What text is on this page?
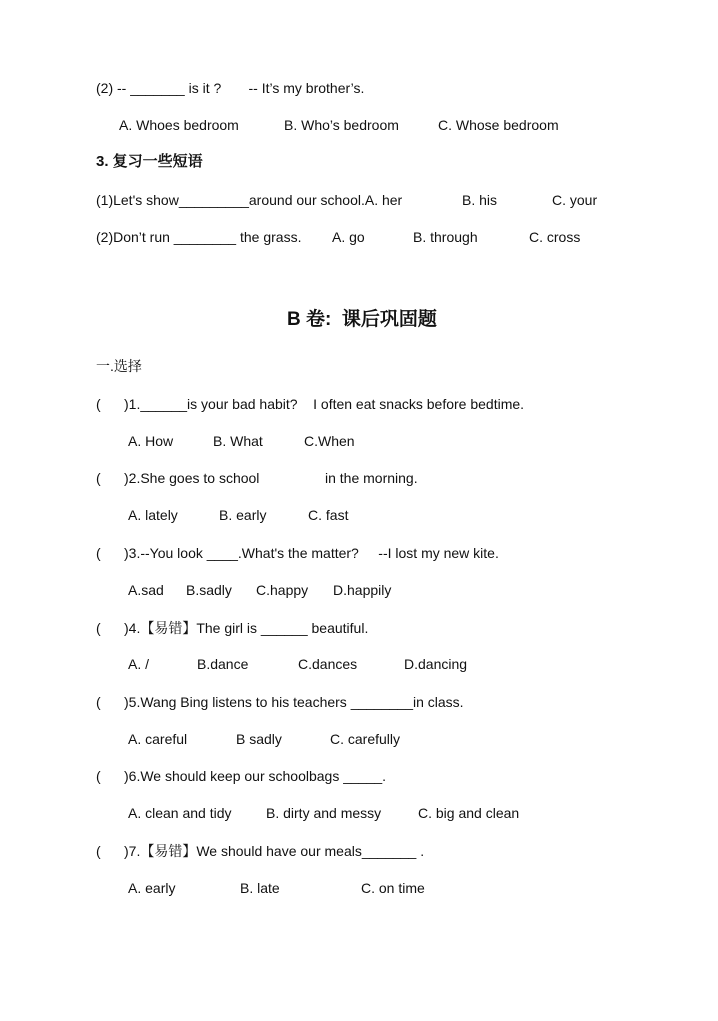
(2) -- _______ is it ?       -- It’s my brother’s.
A. Whoes bedroom	B. Who’s bedroom	C. Whose bedroom
3. 复习一些短语
(1)Let's show_________around our school.A. her	B. his	C. your
(2)Don’t run ________ the grass. A. go	B. through	C. cross
B 卷:  课后巩固题
一.选择
( )1.______is your bad habit?    I often eat snacks before bedtime.
A. How	B. What	C.When
( )2.She goes to school	in the morning.
A. lately	B. early	C. fast
( )3.--You look ____.What's the matter?     --I lost my new kite.
A.sad B.sadly C.happy D.happily
( )4.【易错】The girl is ______ beautiful.
A. /	B.dance	C.dances	D.dancing
( )5.Wang Bing listens to his teachers ________in class.
A. careful	B sadly	C. carefully
( )6.We should keep our schoolbags _____.
A. clean and tidy B. dirty and messy	C. big and clean
( )7.【易错】We should have our meals_______ .
A. early	B. late	C. on time
